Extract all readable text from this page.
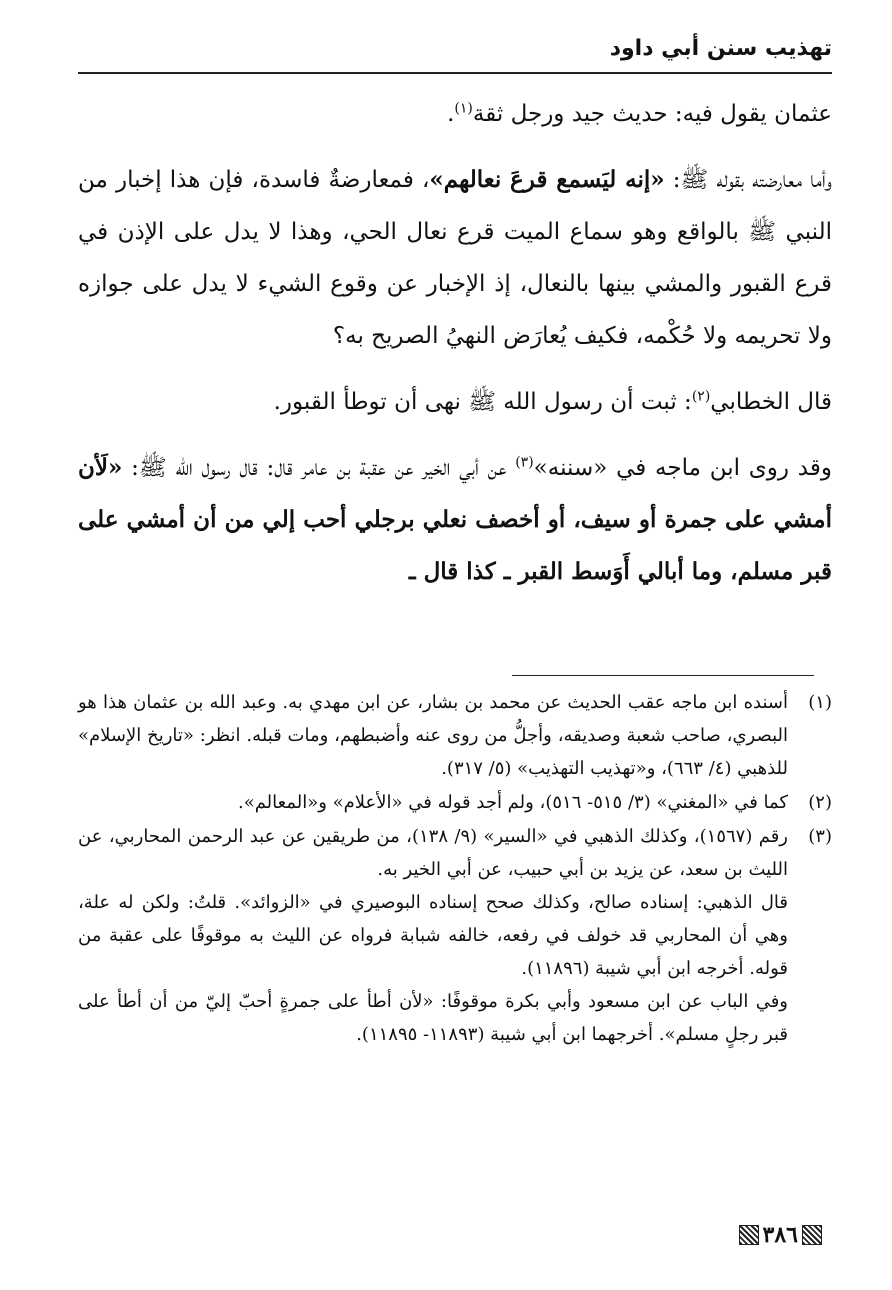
تهذيب سنن أبي داود

عثمان يقول فيه: حديث جيد ورجل ثقة$^{(١)}$.

وأما معارضته بقوله ﷺ: «إنه ليَسمع قرعَ نعالهم»، فمعارضةٌ فاسدة، فإن هذا إخبار من النبي ﷺ بالواقع وهو سماع الميت قرع نعال الحي، وهذا لا يدل على الإذن في قرع القبور والمشي بينها بالنعال، إذ الإخبار عن وقوع الشيء لا يدل على جوازه ولا تحريمه ولا حُكْمه، فكيف يُعارَض النهيُ الصريح به؟

قال الخطابي$^{(٢)}$: ثبت أن رسول الله ﷺ نهى أن توطأ القبور.

وقد روى ابن ماجه في «سننه»$^{(٣)}$ عن أبي الخير عن عقبة بن عامر قال: قال رسول الله ﷺ: «لَأن أمشي على جمرة أو سيف، أو أخصف نعلي برجلي أحب إلي من أن أمشي على قبر مسلم، وما أبالي أَوَسط القبر ـ كذا قال ـ

(١)

أسنده ابن ماجه عقب الحديث عن محمد بن بشار، عن ابن مهدي به. وعبد الله بن عثمان هذا هو البصري، صاحب شعبة وصديقه، وأجلُّ من روى عنه وأضبطهم، ومات قبله. انظر: «تاريخ الإسلام» للذهبي (٤/ ٦٦٣)، و«تهذيب التهذيب» (٥/ ٣١٧).

(٢)

كما في «المغني» (٣/ ٥١٥- ٥١٦)، ولم أجد قوله في «الأعلام» و«المعالم».

(٣)

رقم (١٥٦٧)، وكذلك الذهبي في «السير» (٩/ ١٣٨)، من طريقين عن عبد الرحمن المحاربي، عن الليث بن سعد، عن يزيد بن أبي حبيب، عن أبي الخير به.

قال الذهبي: إسناده صالح، وكذلك صحح إسناده البوصيري في «الزوائد». قلتُ: ولكن له علة، وهي أن المحاربي قد خولف في رفعه، خالفه شبابة فرواه عن الليث به موقوفًا على عقبة من قوله. أخرجه ابن أبي شيبة (١١٨٩٦).

وفي الباب عن ابن مسعود وأبي بكرة موقوفًا: «لأن أطأ على جمرةٍ أحبّ إليّ من أن أطأ على قبر رجلٍ مسلم». أخرجهما ابن أبي شيبة (١١٨٩٣- ١١٨٩٥).

٣٨٦
